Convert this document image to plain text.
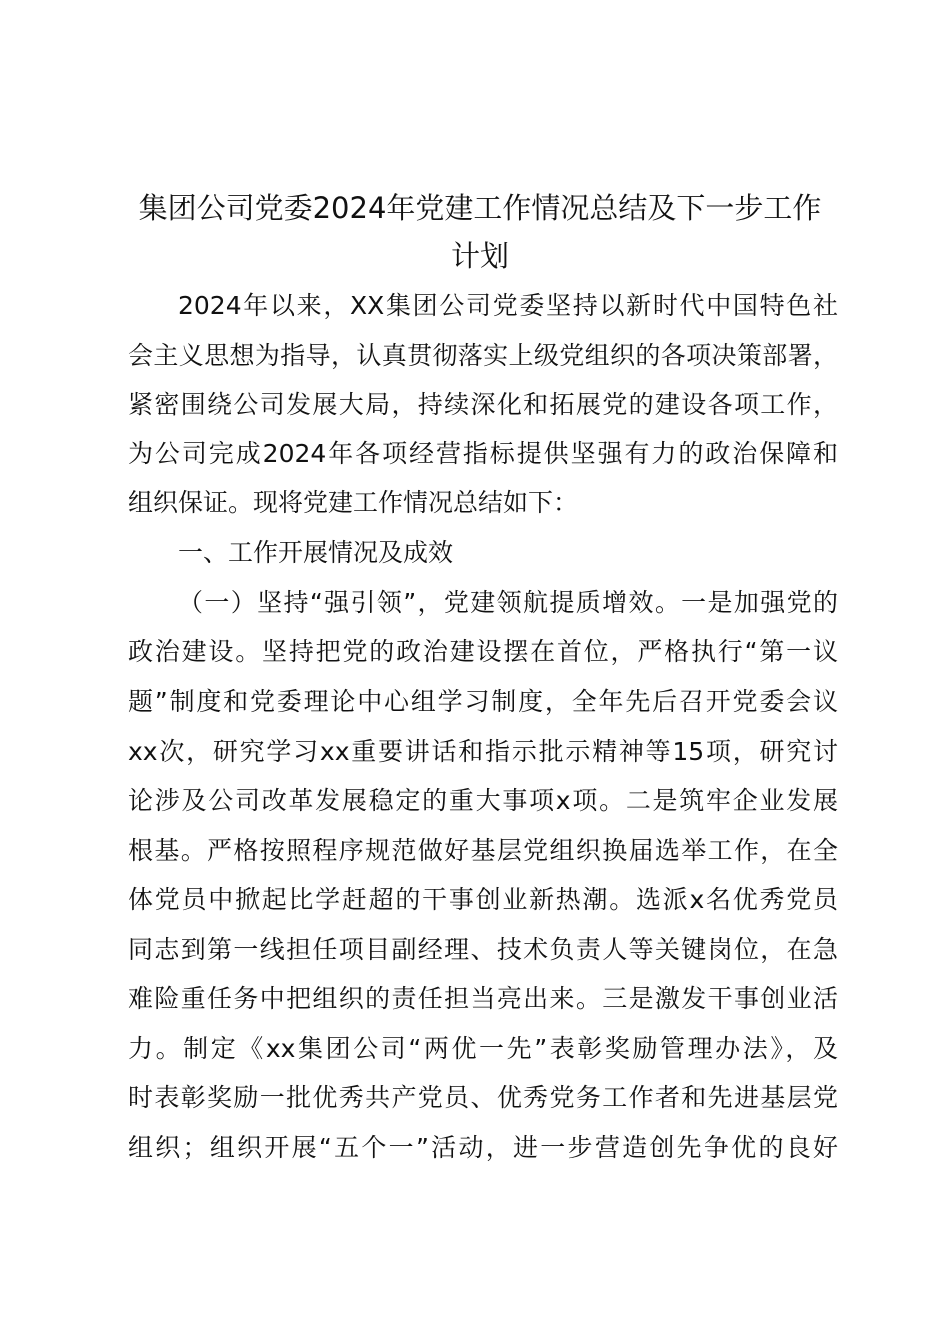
集团公司党委2024年党建工作情况总结及下一步工作
计划

2024年以来，XX集团公司党委坚持以新时代中国特色社

会主义思想为指导，认真贯彻落实上级党组织的各项决策部署，

紧密围绕公司发展大局，持续深化和拓展党的建设各项工作，

为公司完成2024年各项经营指标提供坚强有力的政治保障和

组织保证。现将党建工作情况总结如下：

一、工作开展情况及成效

（一）坚持“强引领”，党建领航提质增效。一是加强党的

政治建设。坚持把党的政治建设摆在首位，严格执行“第一议

题”制度和党委理论中心组学习制度，全年先后召开党委会议

xx次，研究学习xx重要讲话和指示批示精神等15项，研究讨

论涉及公司改革发展稳定的重大事项x项。二是筑牢企业发展

根基。严格按照程序规范做好基层党组织换届选举工作，在全

体党员中掀起比学赶超的干事创业新热潮。选派x名优秀党员

同志到第一线担任项目副经理、技术负责人等关键岗位，在急

难险重任务中把组织的责任担当亮出来。三是激发干事创业活

力。制定《xx集团公司“两优一先”表彰奖励管理办法》，及

时表彰奖励一批优秀共产党员、优秀党务工作者和先进基层党

组织；组织开展“五个一”活动，进一步营造创先争优的良好
